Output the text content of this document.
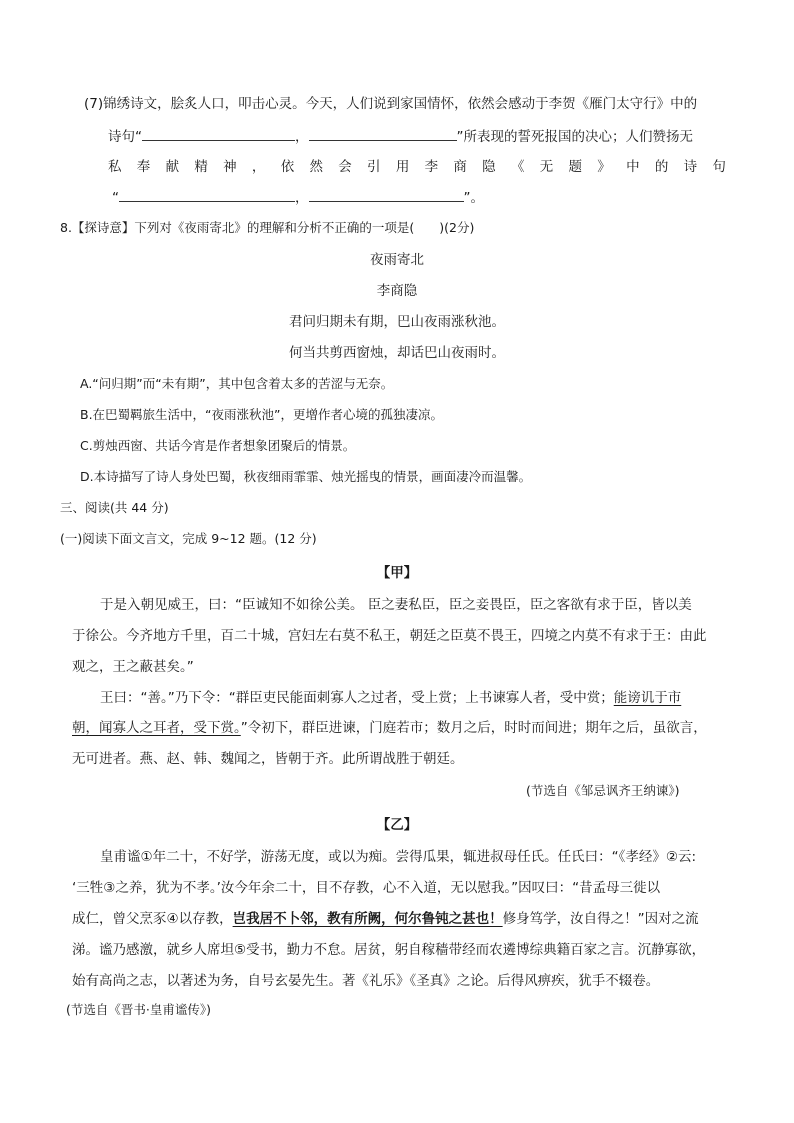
(7)锦绣诗文，脍炙人口，叩击心灵。今天，人们说到家国情怀，依然会感动于李贺《雁门太守行》中的
诗句“	，	”所表现的誓死报国的决心；人们赞扬无
私 奉 献 精 神 ， 依 然 会 引 用 李 商 隐 《 无 题 》 中 的 诗 句
“	，	”。
8.【探诗意】下列对《夜雨寄北》的理解和分析不正确的一项是(　　)(2分)
夜雨寄北
李商隐
君问归期未有期，巴山夜雨涨秋池。
何当共剪西窗烛，却话巴山夜雨时。
A.“问归期”而“未有期”，其中包含着太多的苦涩与无奈。
B.在巴蜀羁旅生活中，“夜雨涨秋池”，更增作者心境的孤独凄凉。
C.剪烛西窗、共话今宵是作者想象团聚后的情景。
D.本诗描写了诗人身处巴蜀，秋夜细雨霏霏、烛光摇曳的情景，画面凄冷而温馨。
三、阅读(共 44 分)
(一)阅读下面文言文，完成 9~12 题。(12 分)
【甲】
于是入朝见威王，曰：“臣诚知不如徐公美。 臣之妻私臣，臣之妾畏臣，臣之客欲有求于臣，皆以美
于徐公。今齐地方千里，百二十城，宫妇左右莫不私王，朝廷之臣莫不畏王，四境之内莫不有求于王：由此
观之，王之蔽甚矣。”
王曰：“善。”乃下令：“群臣吏民能面刺寡人之过者，受上赏；上书谏寡人者，受中赏；能谤讥于市
朝，闻寡人之耳者，受下赏。”令初下，群臣进谏，门庭若市；数月之后，时时而间进；期年之后，虽欲言，
无可进者。燕、赵、韩、魏闻之，皆朝于齐。此所谓战胜于朝廷。
(节选自《邹忌讽齐王纳谏》)
【乙】
皇甫谧①年二十，不好学，游荡无度，或以为痴。尝得瓜果，辄进叔母任氏。任氏曰：“《孝经》②云:
‘三牲③之养，犹为不孝。’汝今年余二十，目不存教，心不入道，无以慰我。”因叹曰：“昔孟母三徙以
成仁，曾父烹豕④以存教，岂我居不卜邻，教有所阙，何尔鲁钝之甚也！修身笃学，汝自得之！”因对之流
涕。谧乃感激，就乡人席坦⑤受书，勤力不怠。居贫，躬自稼穑带经而农遴博综典籍百家之言。沉静寡欲，
始有高尚之志，以著述为务，自号玄晏先生。著《礼乐》《圣真》之论。后得风痹疾，犹手不辍卷。
(节选自《晋书·皇甫谧传》)
